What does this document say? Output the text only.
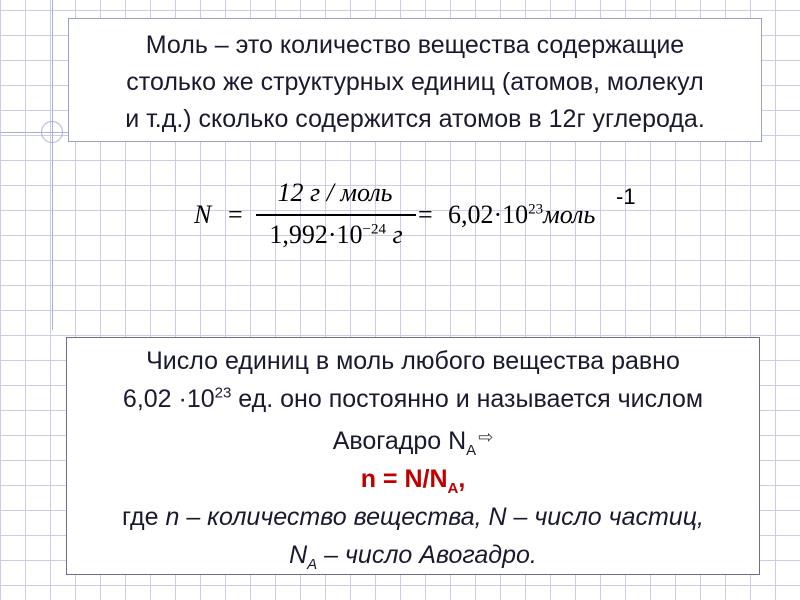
Моль – это количество вещества содержащие
столько же структурных единиц (атомов, молекул
и т.д.) сколько содержится атомов в 12г углерода.
N =
12 г / моль
$1,992\cdot 10^{-24}$ г
= $6,02\cdot 10^{23}моль$
-1
Число единиц в моль любого вещества равно
$6,02 \cdot 10^{23}$ ед. оно постоянно и называется числом
Авогадро $N_A⇨$
$n = N/N_A$,
где n – количество вещества, N – число частиц,
$N_A$ – число Авогадро.
